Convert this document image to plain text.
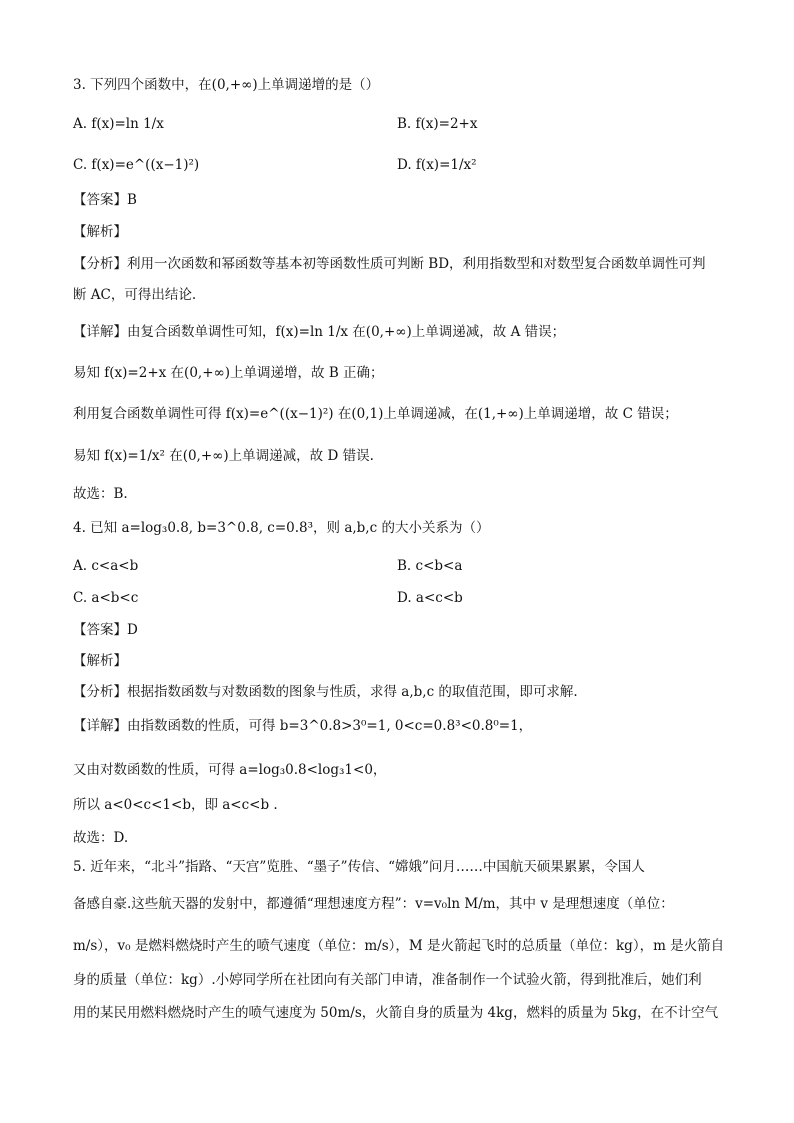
3. 下列四个函数中，在(0,+∞)上单调递增的是（）
A. f(x)=ln 1/x	B. f(x)=2+x
C. f(x)=e^((x−1)²)	D. f(x)=1/x²
【答案】B
【解析】
【分析】利用一次函数和幂函数等基本初等函数性质可判断 BD，利用指数型和对数型复合函数单调性可判
断 AC，可得出结论.
【详解】由复合函数单调性可知，f(x)=ln 1/x 在(0,+∞)上单调递减，故 A 错误；
易知 f(x)=2+x 在(0,+∞)上单调递增，故 B 正确；
利用复合函数单调性可得 f(x)=e^((x−1)²) 在(0,1)上单调递减，在(1,+∞)上单调递增，故 C 错误；
易知 f(x)=1/x² 在(0,+∞)上单调递减，故 D 错误.
故选：B.
4. 已知 a=log₃0.8, b=3^0.8, c=0.8³，则 a,b,c 的大小关系为（）
A. c<a<b	B. c<b<a
C. a<b<c	D. a<c<b
【答案】D
【解析】
【分析】根据指数函数与对数函数的图象与性质，求得 a,b,c 的取值范围，即可求解.
【详解】由指数函数的性质，可得 b=3^0.8>3⁰=1, 0<c=0.8³<0.8⁰=1，
又由对数函数的性质，可得 a=log₃0.8<log₃1<0，
所以 a<0<c<1<b，即 a<c<b .
故选：D.
5. 近年来，“北斗”指路、“天宫”览胜、“墨子”传信、“嫦娥”问月……中国航天硕果累累，令国人
备感自豪.这些航天器的发射中，都遵循“理想速度方程”：v=v₀ln M/m，其中 v 是理想速度（单位：
m/s），v₀ 是燃料燃烧时产生的喷气速度（单位：m/s），M 是火箭起飞时的总质量（单位：kg），m 是火箭自
身的质量（单位：kg）.小婷同学所在社团向有关部门申请，准备制作一个试验火箭，得到批准后，她们利
用的某民用燃料燃烧时产生的喷气速度为 50m/s，火箭自身的质量为 4kg，燃料的质量为 5kg，在不计空气
